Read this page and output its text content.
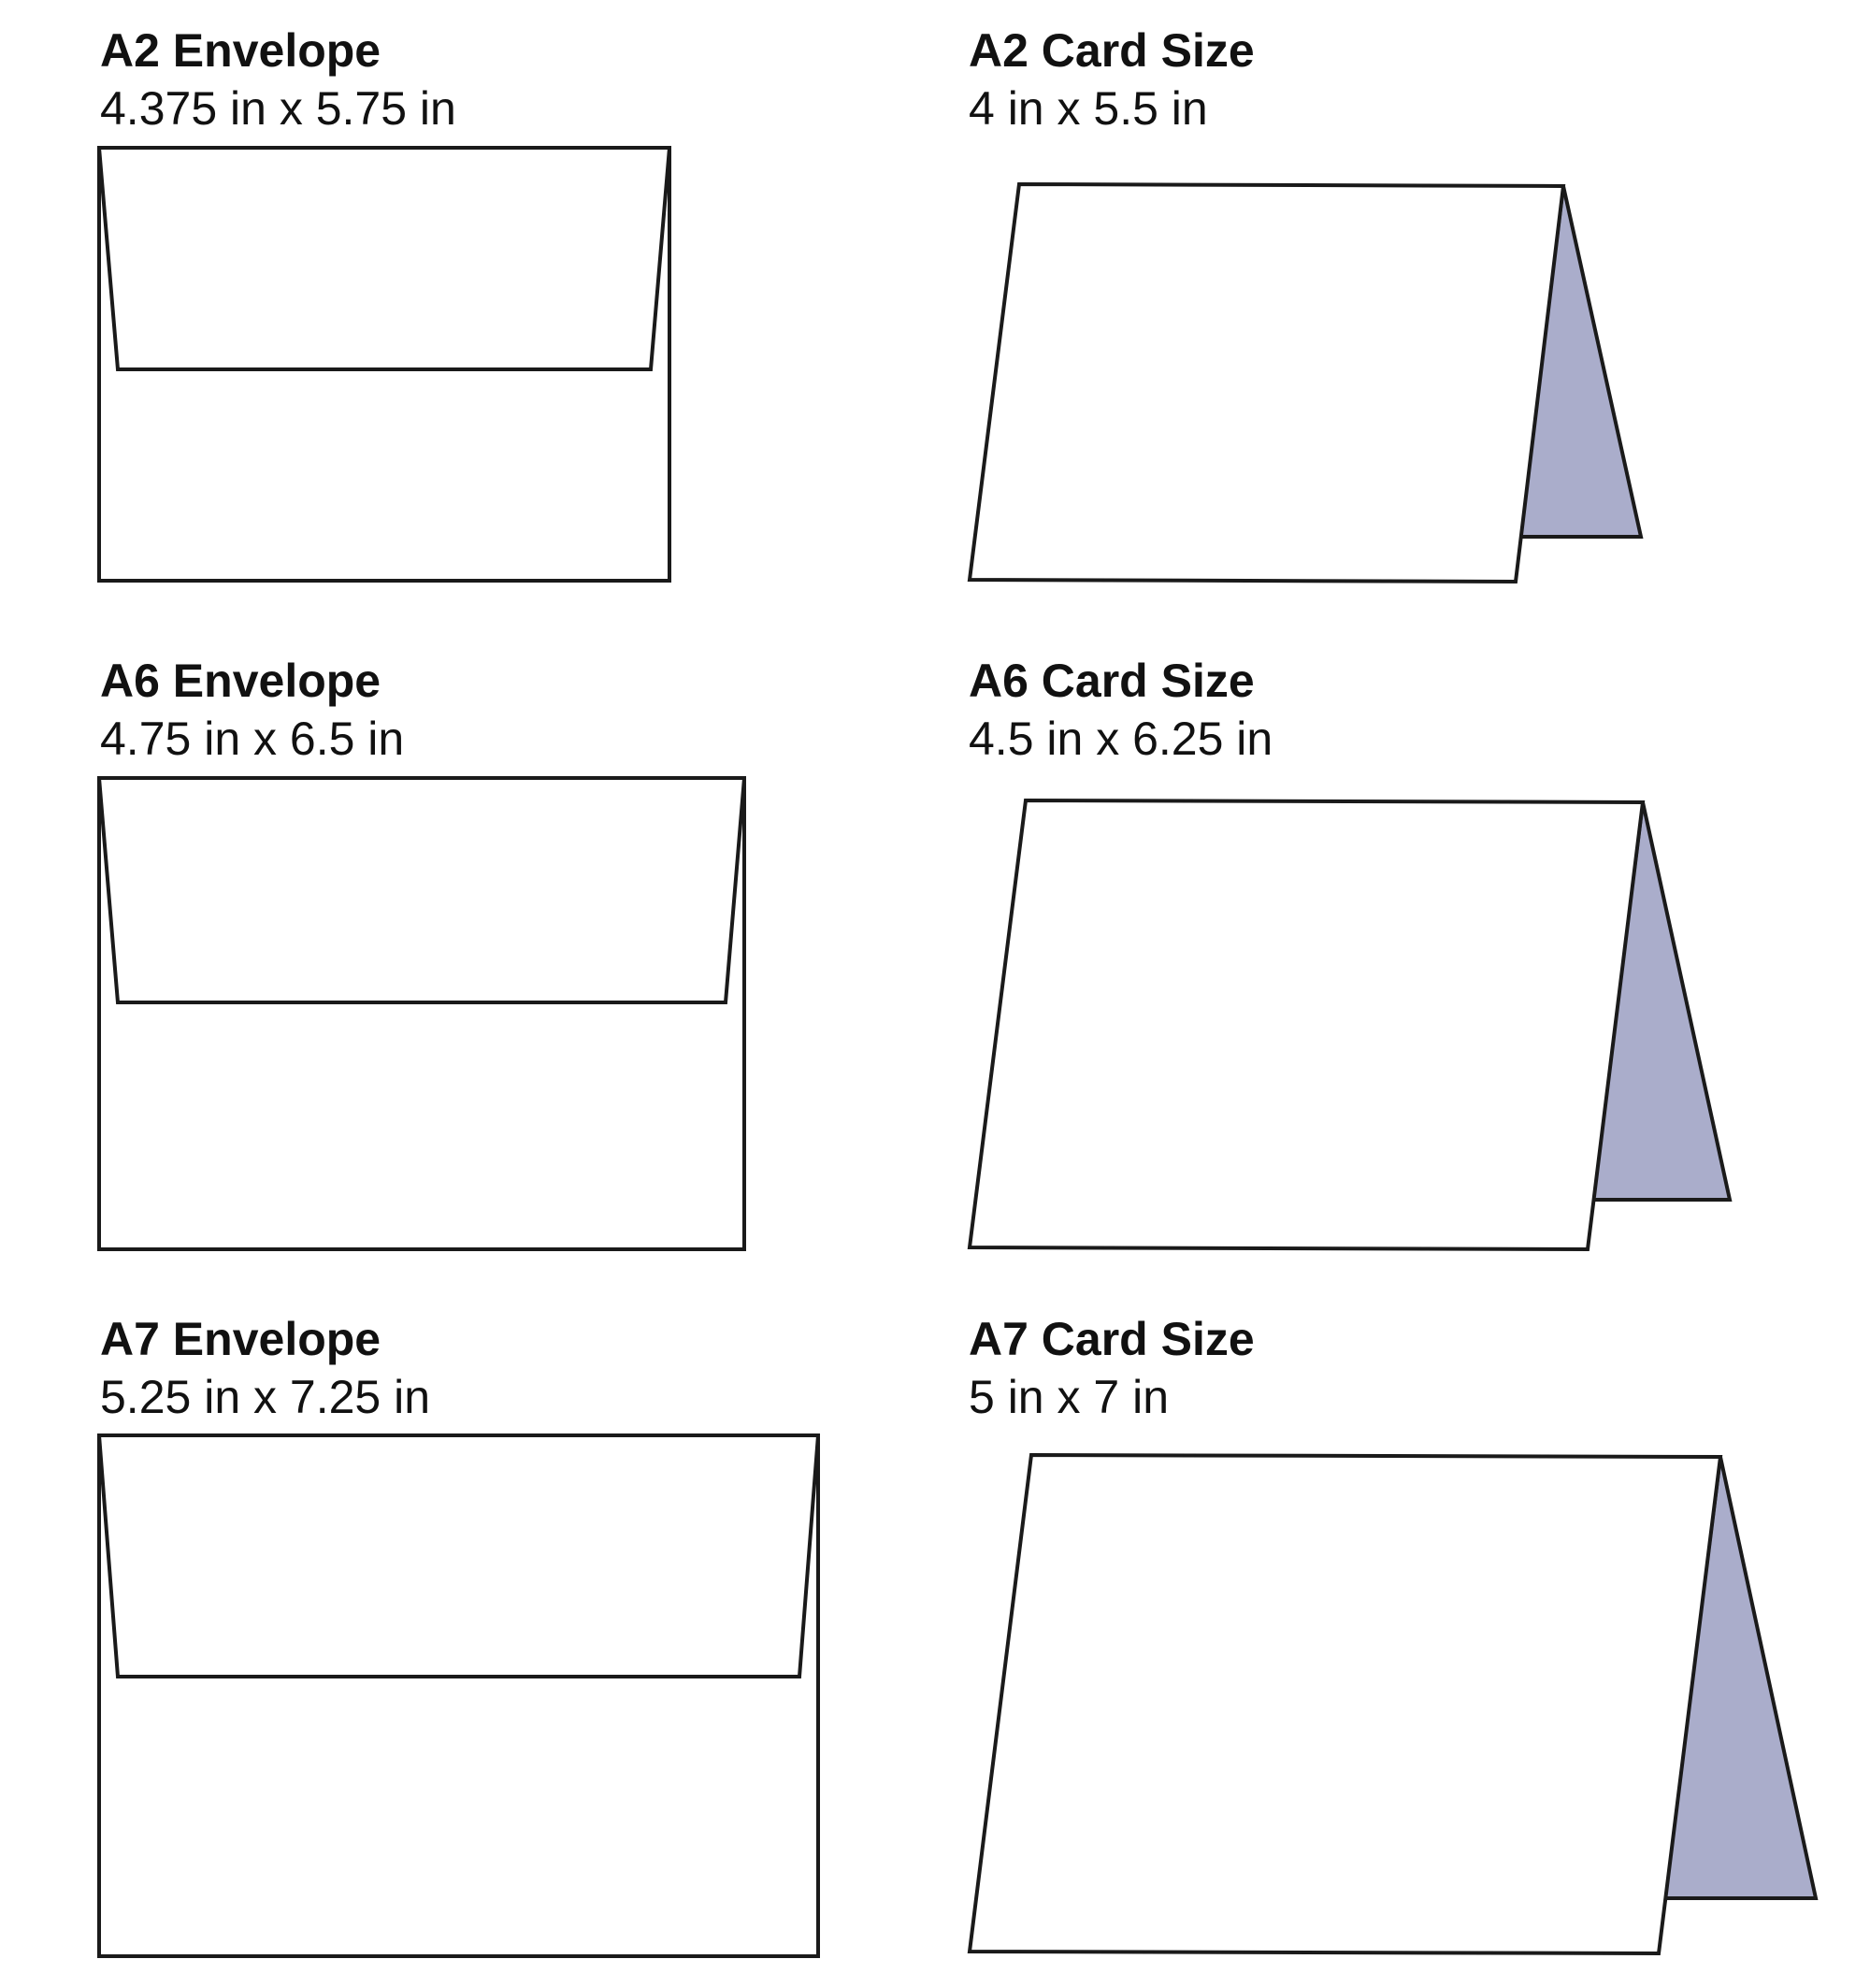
A2 Envelope

4.375 in x 5.75 in

A2 Card Size

4 in x 5.5 in

A6 Envelope

4.75 in x 6.5 in

A6 Card Size

4.5 in x 6.25 in

A7 Envelope

5.25 in x 7.25 in

A7 Card Size

5 in x 7 in
